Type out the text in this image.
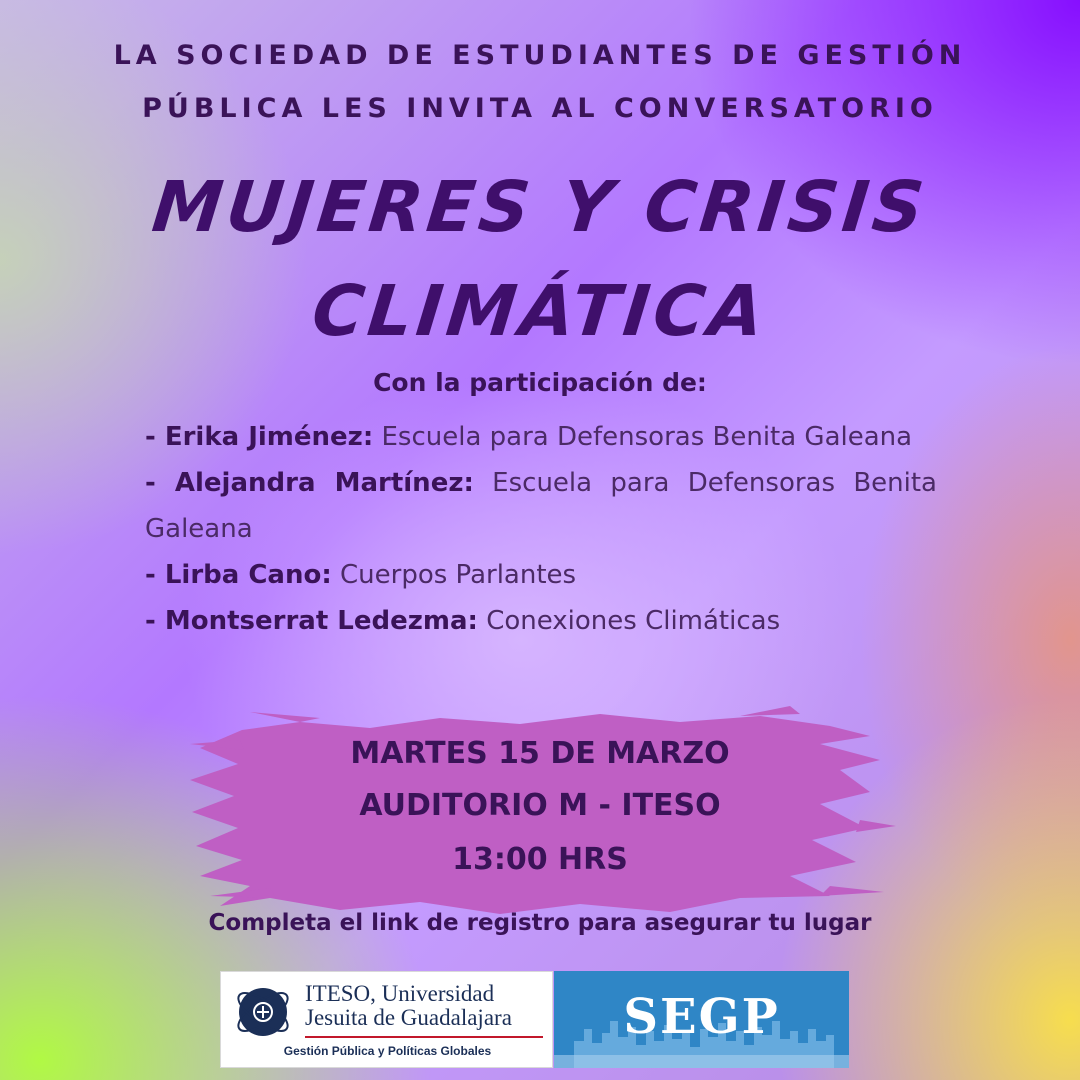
LA SOCIEDAD DE ESTUDIANTES DE GESTIÓN

PÚBLICA LES INVITA AL CONVERSATORIO

MUJERES Y CRISIS
CLIMÁTICA

Con la participación de:

- Erika Jiménez: Escuela para Defensoras Benita Galeana
- Alejandra Martínez: Escuela para Defensoras Benita Galeana
- Lirba Cano: Cuerpos Parlantes
- Montserrat Ledezma: Conexiones Climáticas

MARTES 15 DE MARZO

AUDITORIO M - ITESO

13:00 HRS

Completa el link de registro para asegurar tu lugar

ITESO, Universidad
Jesuita de Guadalajara

Gestión Pública y Políticas Globales

SEGP
